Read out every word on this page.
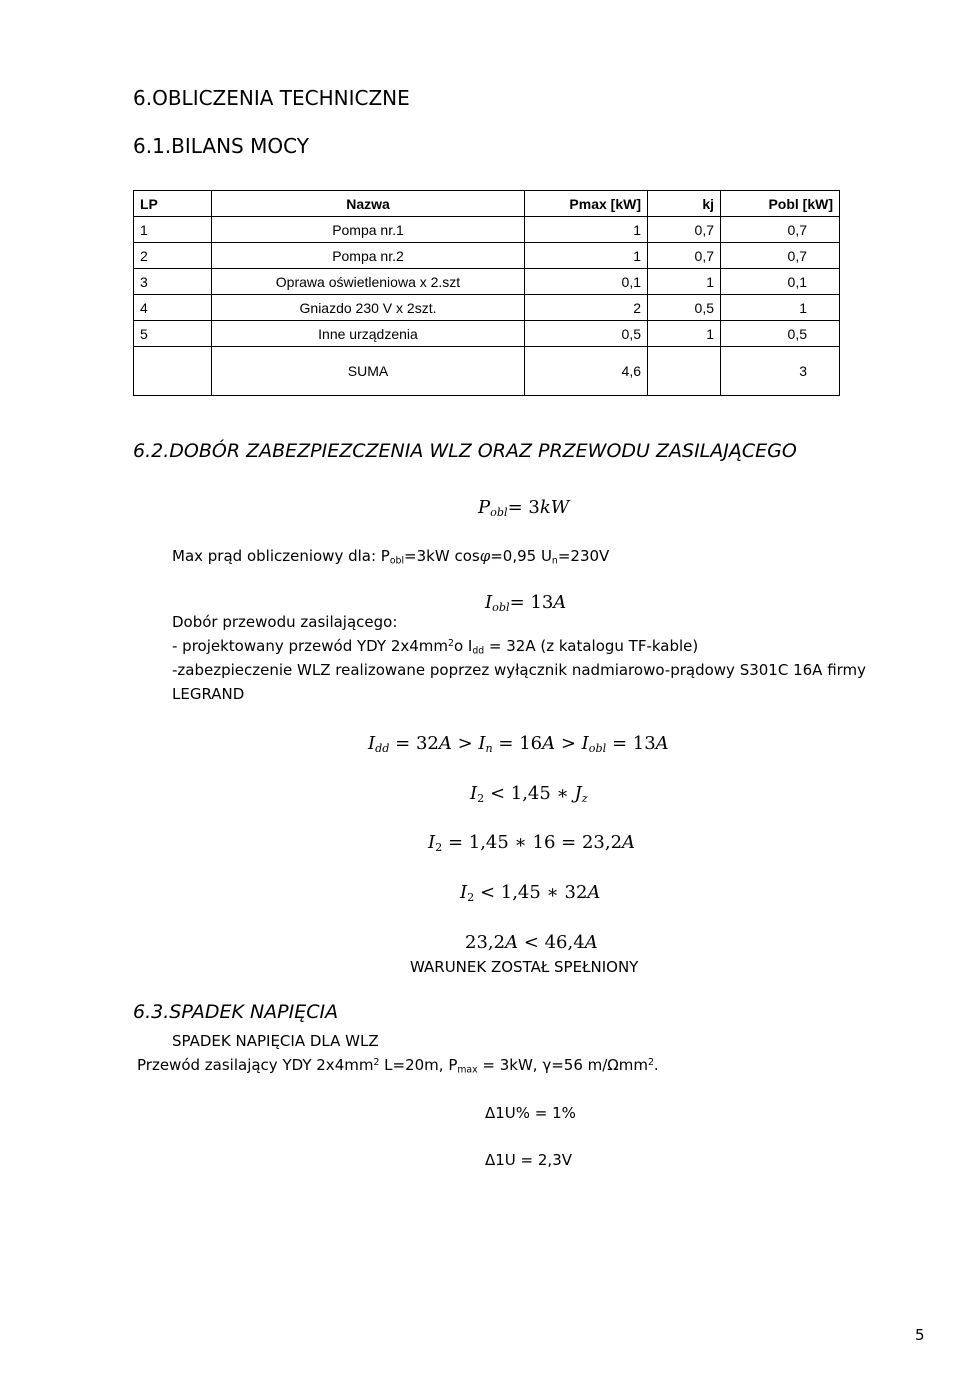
6.OBLICZENIA TECHNICZNE
6.1.BILANS MOCY
LP	Nazwa	Pmax [kW]	kj	Pobl [kW]
1	Pompa nr.1	1	0,7	0,7
2	Pompa nr.2	1	0,7	0,7
3	Oprawa oświetleniowa x 2.szt	0,1	1	0,1
4	Gniazdo 230 V x 2szt.	2	0,5	1
5	Inne urządzenia	0,5	1	0,5
	SUMA	4,6		3
6.2.DOBÓR ZABEZPIEZCZENIA WLZ ORAZ PRZEWODU ZASILAJĄCEGO
$P_{obl}= 3kW$
Max prąd obliczeniowy dla: $P_{obl}=3kW$ cosφ=0,95 $U_n=230V$
$I_{obl}= 13A$
Dobór przewodu zasilającego:
- projektowany przewód YDY $2x4mm^2o$ $I_{dd} = 32A$ (z katalogu TF-kable)
-zabezpieczenie WLZ realizowane poprzez wyłącznik nadmiarowo-prądowy S301C 16A firmy
LEGRAND
$I_{dd} = 32A > I_n = 16A > I_{obl} = 13A$
$I_2 < 1,45$ ∗ $J_z$
$I_2 = 1,45$ ∗ 16 = 23,2A
$I_2 < 1,45$ ∗ 32A
23,2A < 46,4A
WARUNEK ZOSTAŁ SPEŁNIONY
6.3.SPADEK NAPIĘCIA
SPADEK NAPIĘCIA DLA WLZ
Przewód zasilający YDY $2x4mm^2$ L=20m, $P_{max} = 3kW$, γ=56 m/Ωmm$^2$.
Δ1U% = 1%
Δ1U = 2,3V
5
